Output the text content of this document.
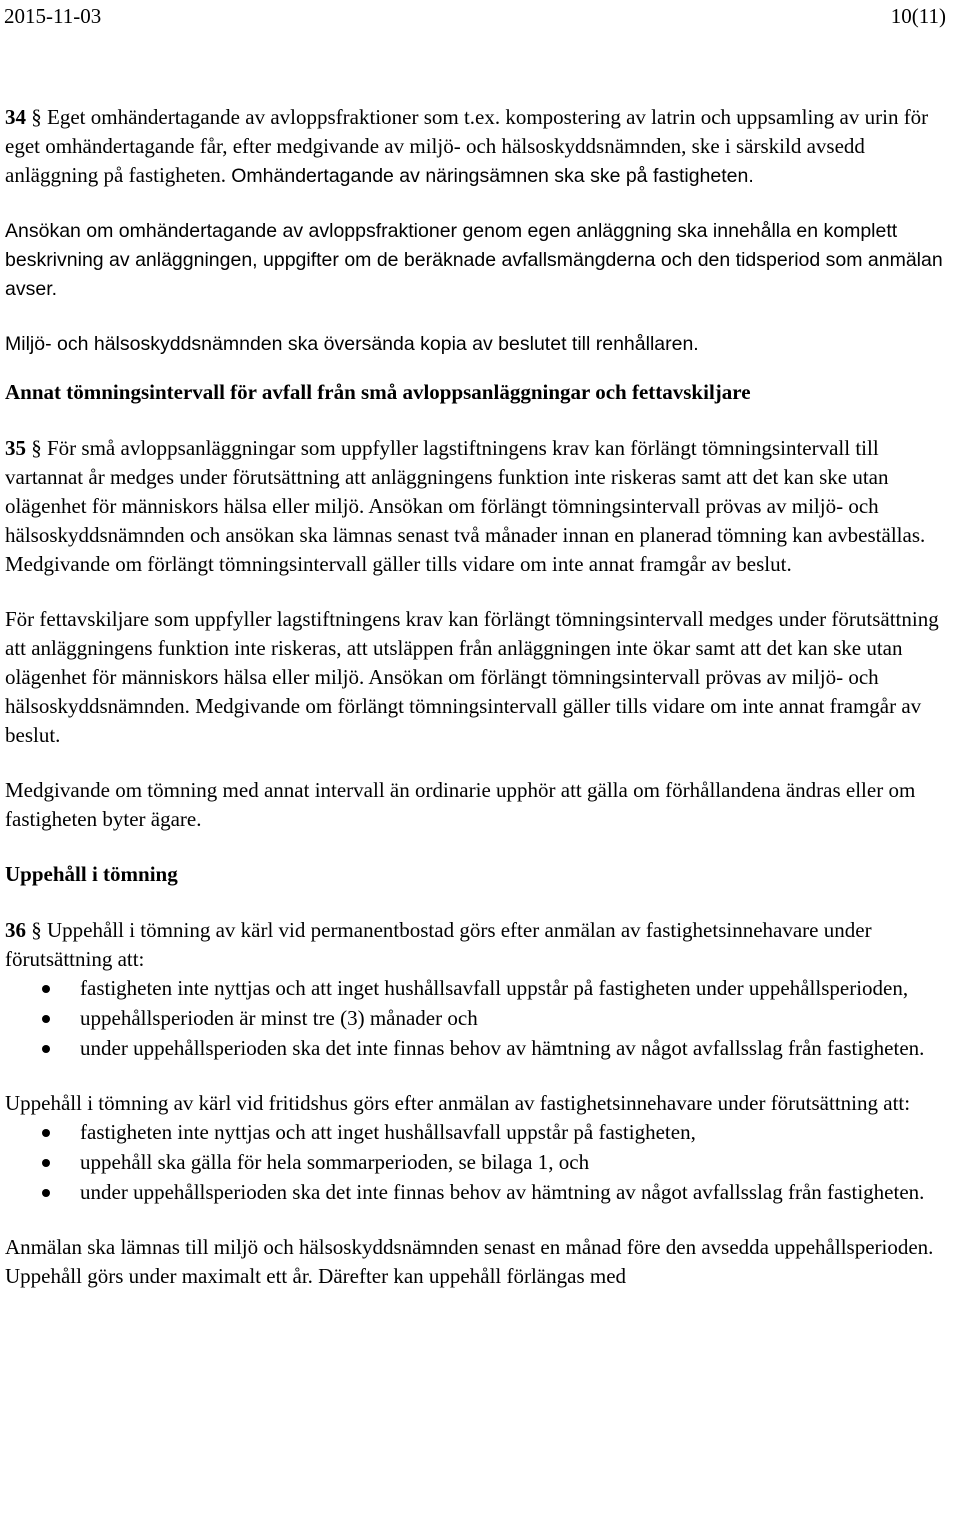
2015-11-03	10(11)

34 § Eget omhändertagande av avloppsfraktioner som t.ex. kompostering av latrin och uppsamling av urin för eget omhändertagande får, efter medgivande av miljö- och hälsoskyddsnämnden, ske i särskild avsedd anläggning på fastigheten. Omhändertagande av näringsämnen ska ske på fastigheten.

Ansökan om omhändertagande av avloppsfraktioner genom egen anläggning ska innehålla en komplett beskrivning av anläggningen, uppgifter om de beräknade avfallsmängderna och den tidsperiod som anmälan avser.

Miljö- och hälsoskyddsnämnden ska översända kopia av beslutet till renhållaren.

Annat tömningsintervall för avfall från små avloppsanläggningar och fettavskiljare

35 § För små avloppsanläggningar som uppfyller lagstiftningens krav kan förlängt tömningsintervall till vartannat år medges under förutsättning att anläggningens funktion inte riskeras samt att det kan ske utan olägenhet för människors hälsa eller miljö. Ansökan om förlängt tömningsintervall prövas av miljö- och hälsoskyddsnämnden och ansökan ska lämnas senast två månader innan en planerad tömning kan avbeställas. Medgivande om förlängt tömningsintervall gäller tills vidare om inte annat framgår av beslut.

För fettavskiljare som uppfyller lagstiftningens krav kan förlängt tömningsintervall medges under förutsättning att anläggningens funktion inte riskeras, att utsläppen från anläggningen inte ökar samt att det kan ske utan olägenhet för människors hälsa eller miljö. Ansökan om förlängt tömningsintervall prövas av miljö- och hälsoskyddsnämnden. Medgivande om förlängt tömningsintervall gäller tills vidare om inte annat framgår av beslut.

Medgivande om tömning med annat intervall än ordinarie upphör att gälla om förhållandena ändras eller om fastigheten byter ägare.

Uppehåll i tömning

36 § Uppehåll i tömning av kärl vid permanentbostad görs efter anmälan av fastighetsinnehavare under förutsättning att:

fastigheten inte nyttjas och att inget hushållsavfall uppstår på fastigheten under uppehållsperioden,
uppehållsperioden är minst tre (3) månader och
under uppehållsperioden ska det inte finnas behov av hämtning av något avfallsslag från fastigheten.

Uppehåll i tömning av kärl vid fritidshus görs efter anmälan av fastighetsinnehavare under förutsättning att:

fastigheten inte nyttjas och att inget hushållsavfall uppstår på fastigheten,
uppehåll ska gälla för hela sommarperioden, se bilaga 1, och
under uppehållsperioden ska det inte finnas behov av hämtning av något avfallsslag från fastigheten.

Anmälan ska lämnas till miljö och hälsoskyddsnämnden senast en månad före den avsedda uppehållsperioden. Uppehåll görs under maximalt ett år. Därefter kan uppehåll förlängas med
